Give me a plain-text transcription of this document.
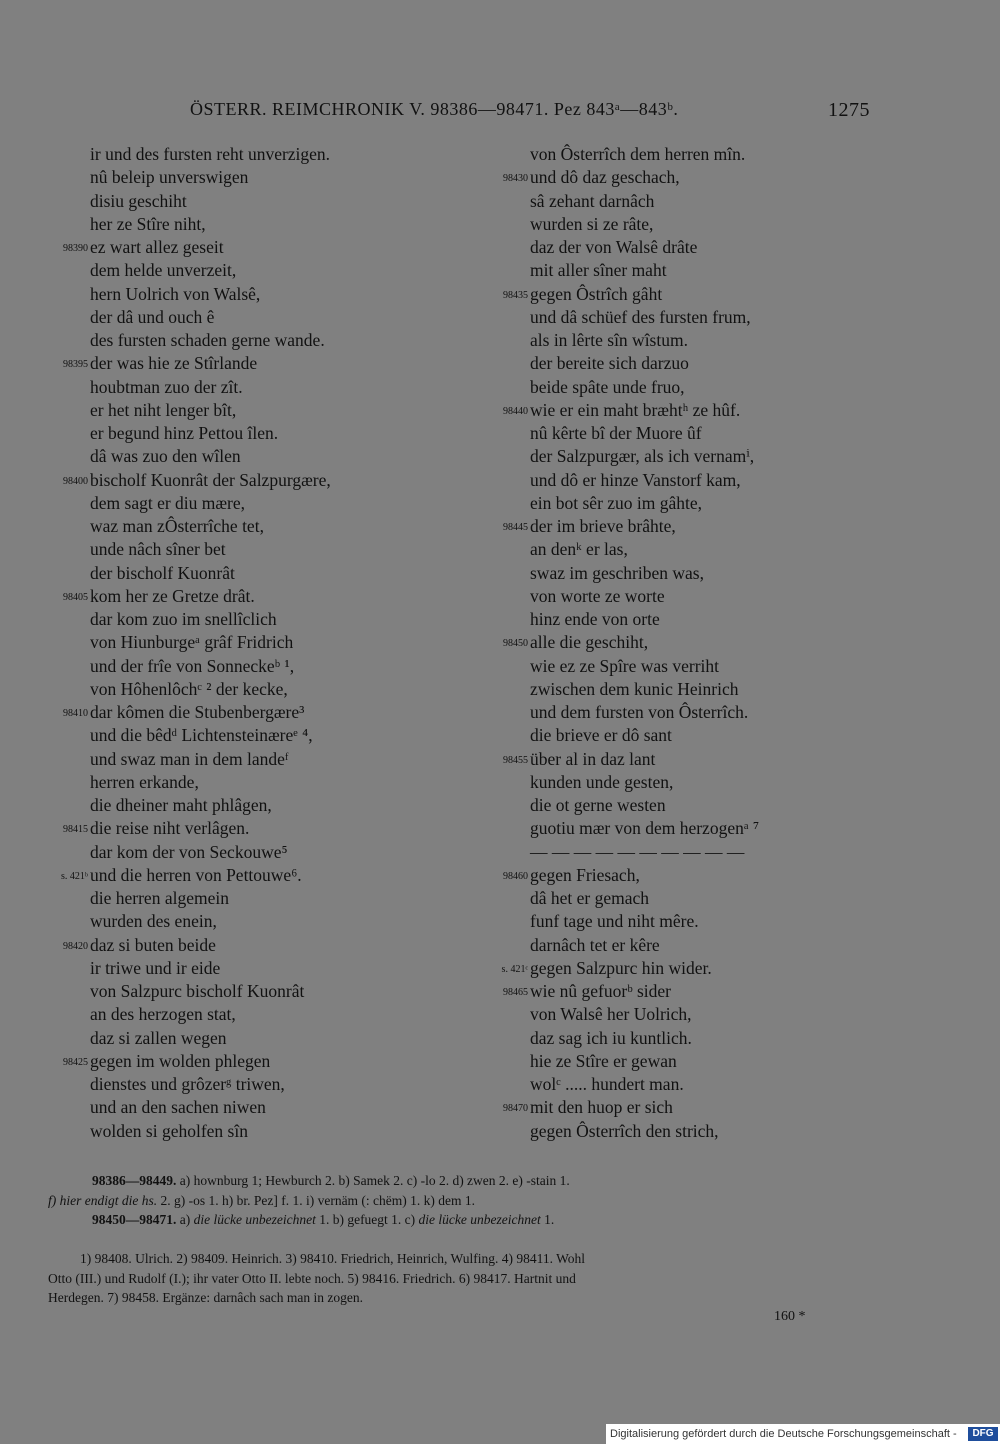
ÖSTERR. REIMCHRONIK V. 98386—98471. Pez 843ᵃ—843ᵇ.	1275
ir und des fursten reht unverzigen.
nû beleip unverswigen
disiu geschiht
her ze Stîre niht,
98390 ez wart allez geseit
dem helde unverzeit,
hern Uolrich von Walsê,
der dâ und ouch ê
des fursten schaden gerne wande.
98395 der was hie ze Stîrlande
houbtman zuo der zît.
er het niht lenger bît,
er begund hinz Pettou îlen.
dâ was zuo den wîlen
98400 bischolf Kuonrât der Salzpurgære,
dem sagt er diu mære,
waz man zÔsterrîche tet,
unde nâch sîner bet
der bischolf Kuonrât
98405 kom her ze Gretze drât.
dar kom zuo im snellîclich
von Hiunburgeᵃ grâf Fridrich
und der frîe von Sonneckeᵇ ¹,
von Hôhenlôchᶜ ² der kecke,
98410 dar kômen die Stubenbergære³
und die bêdᵈ Lichtensteinæreᵉ ⁴,
und swaz man in dem landeᶠ
herren erkande,
die dheiner maht phlâgen,
98415 die reise niht verlâgen.
dar kom der von Seckouwe⁵
s. 421ᵇ und die herren von Pettouwe⁶.
die herren algemein
wurden des enein,
98420 daz si buten beide
ir triwe und ir eide
von Salzpurc bischolf Kuonrât
an des herzogen stat,
daz si zallen wegen
98425 gegen im wolden phlegen
dienstes und grôzerᵍ triwen,
und an den sachen niwen
wolden si geholfen sîn
von Ôsterrîch dem herren mîn.
98430 und dô daz geschach,
sâ zehant darnâch
wurden si ze râte,
daz der von Walsê drâte
mit aller sîner maht
98435 gegen Ôstrîch gâht
und dâ schüef des fursten frum,
als in lêrte sîn wîstum.
der bereite sich darzuo
beide spâte unde fruo,
98440 wie er ein maht bræhtʰ ze hûf.
nû kêrte bî der Muore ûf
der Salzpurgær, als ich vernamⁱ,
und dô er hinze Vanstorf kam,
ein bot sêr zuo im gâhte,
98445 der im brieve brâhte,
an denᵏ er las,
swaz im geschriben was,
von worte ze worte
hinz ende von orte
98450 alle die geschiht,
wie ez ze Spîre was verriht
zwischen dem kunic Heinrich
und dem fursten von Ôsterrîch.
die brieve er dô sant
98455 über al in daz lant
kunden unde gesten,
die ot gerne westen
guotiu mær von dem herzogenᵃ ⁷
— — — — — — — — — —
98460 gegen Friesach,
dâ het er gemach
funf tage und niht mêre.
darnâch tet er kêre
s. 421ᶜ gegen Salzpurc hin wider.
98465 wie nû gefuorᵇ sider
von Walsê her Uolrich,
daz sag ich iu kuntlich.
hie ze Stîre er gewan
wolᶜ ..... hundert man.
98470 mit den huop er sich
gegen Ôsterrîch den strich,
98386—98449. a) hownburg 1; Hewburch 2. b) Samek 2. c) -lo 2. d) zwen 2. e) -stain 1.
f) hier endigt die hs. 2. g) -os 1. h) br. Pez] f. 1. i) vernäm (: chëm) 1. k) dem 1.
98450—98471. a) die lücke unbezeichnet 1. b) gefuegt 1. c) die lücke unbezeichnet 1.
1) 98408. Ulrich. 2) 98409. Heinrich. 3) 98410. Friedrich, Heinrich, Wulfing. 4) 98411. Wohl
Otto (III.) und Rudolf (I.); ihr vater Otto II. lebte noch. 5) 98416. Friedrich. 6) 98417. Hartnit und
Herdegen. 7) 98458. Ergänze: darnâch sach man in zogen.
160 *
Digitalisierung gefördert durch die Deutsche Forschungsgemeinschaft -	DFG
